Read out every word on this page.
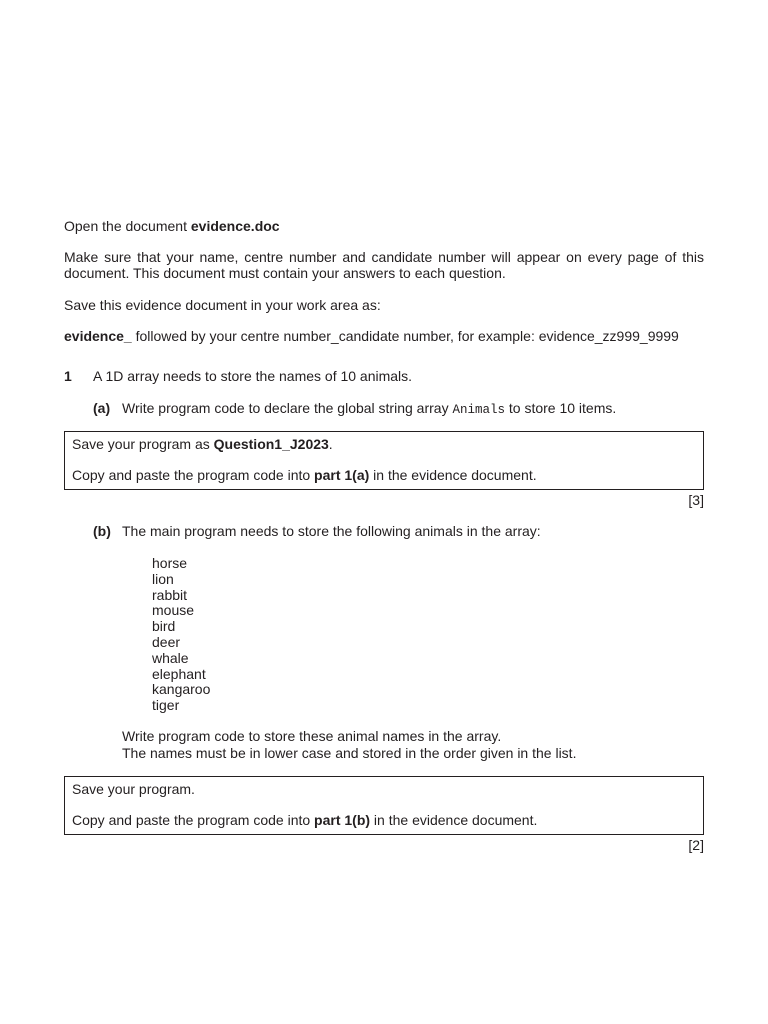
Open the document evidence.doc
Make sure that your name, centre number and candidate number will appear on every page of this document. This document must contain your answers to each question.
Save this evidence document in your work area as:
evidence_ followed by your centre number_candidate number, for example: evidence_zz999_9999
1 A 1D array needs to store the names of 10 animals.
(a) Write program code to declare the global string array Animals to store 10 items.

Save your program as Question1_J2023.

Copy and paste the program code into part 1(a) in the evidence document.

[3]
(b) The main program needs to store the following animals in the array:
horse
lion
rabbit
mouse
bird
deer
whale
elephant
kangaroo
tiger
Write program code to store these animal names in the array.
The names must be in lower case and stored in the order given in the list.

Save your program.

Copy and paste the program code into part 1(b) in the evidence document.

[2]
